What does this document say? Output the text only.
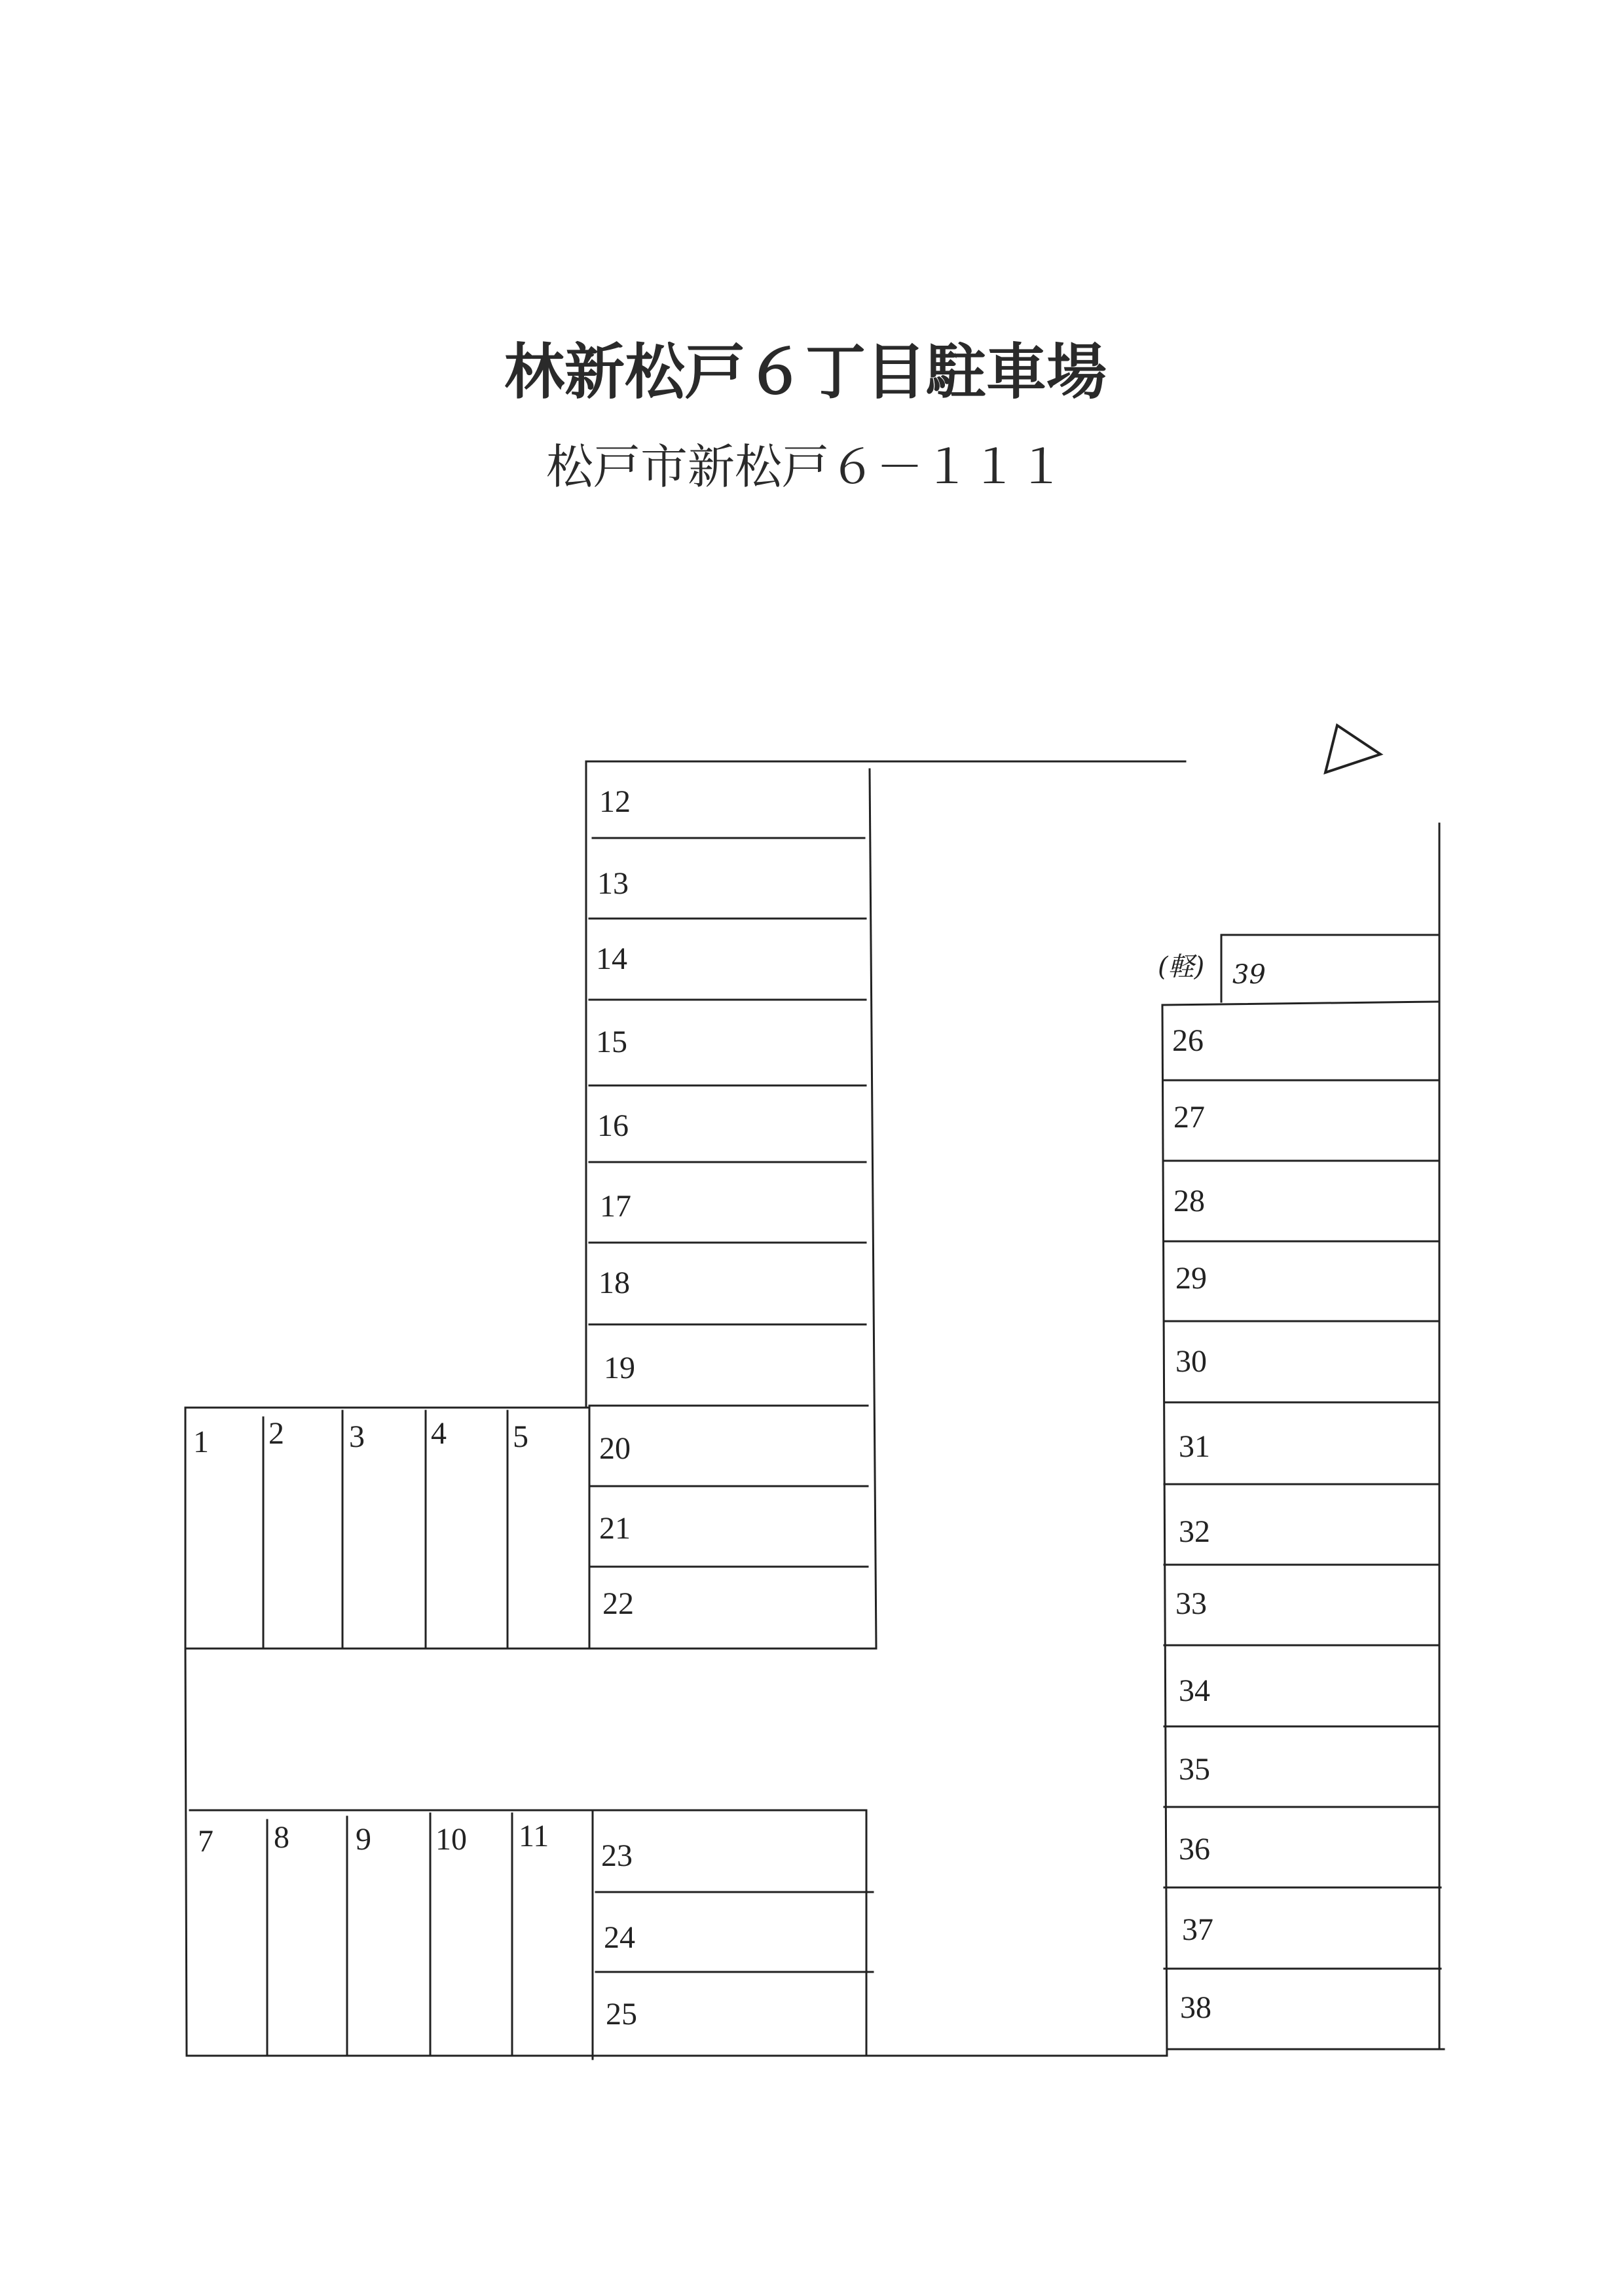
林新松戸６丁目駐車場
松戸市新松戸６－１１１
12
13
14
15
16
17
18
19
20
21
22
1 2 3 4 5
7 8 9 10 11
23
24
25
(軽) 39
26
27
28
29
30
31
32
33
34
35
36
37
38
